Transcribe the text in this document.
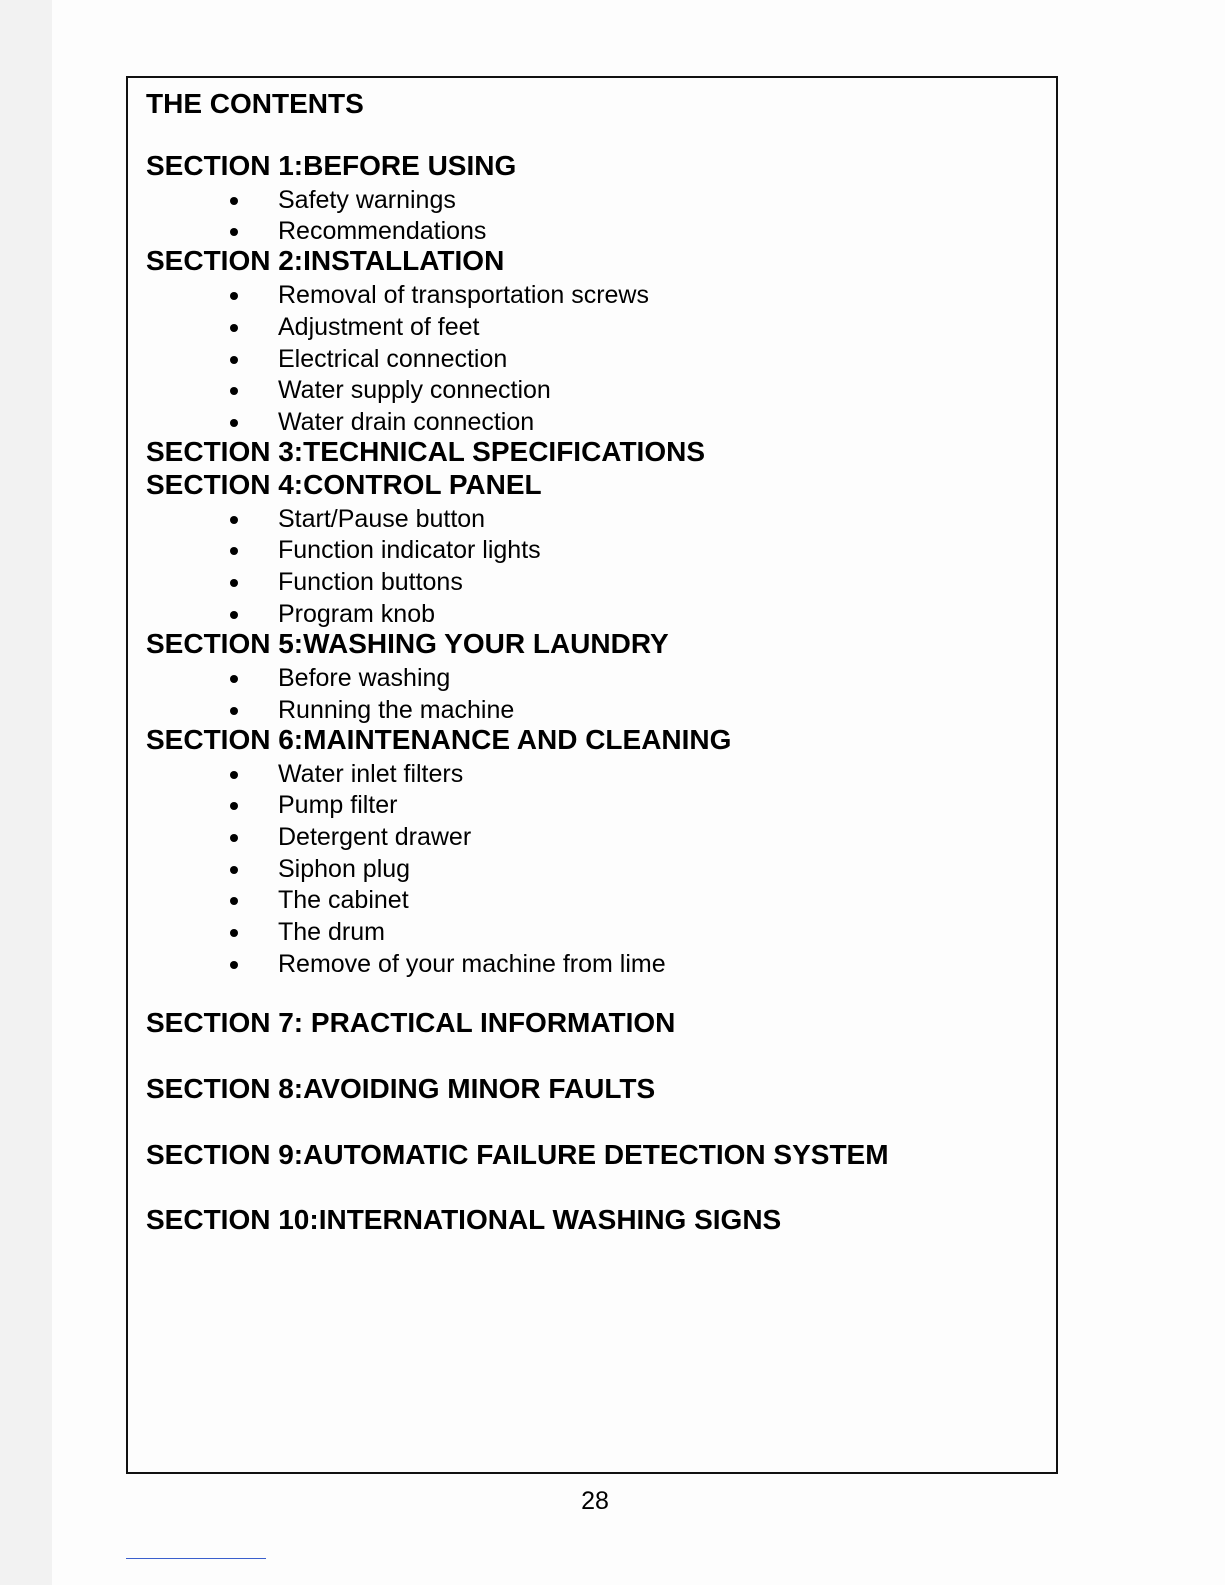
THE CONTENTS
SECTION 1:BEFORE USING
Safety warnings
Recommendations
SECTION 2:INSTALLATION
Removal of transportation screws
Adjustment of feet
Electrical connection
Water supply connection
Water drain connection
SECTION 3:TECHNICAL SPECIFICATIONS
SECTION 4:CONTROL PANEL
Start/Pause button
Function indicator lights
Function buttons
Program knob
SECTION 5:WASHING YOUR LAUNDRY
Before washing
Running the machine
SECTION 6:MAINTENANCE AND CLEANING
Water inlet filters
Pump filter
Detergent drawer
Siphon plug
The cabinet
The drum
Remove of your machine from lime
SECTION 7: PRACTICAL INFORMATION
SECTION 8:AVOIDING MINOR FAULTS
SECTION 9:AUTOMATIC FAILURE DETECTION SYSTEM
SECTION 10:INTERNATIONAL WASHING SIGNS
28
